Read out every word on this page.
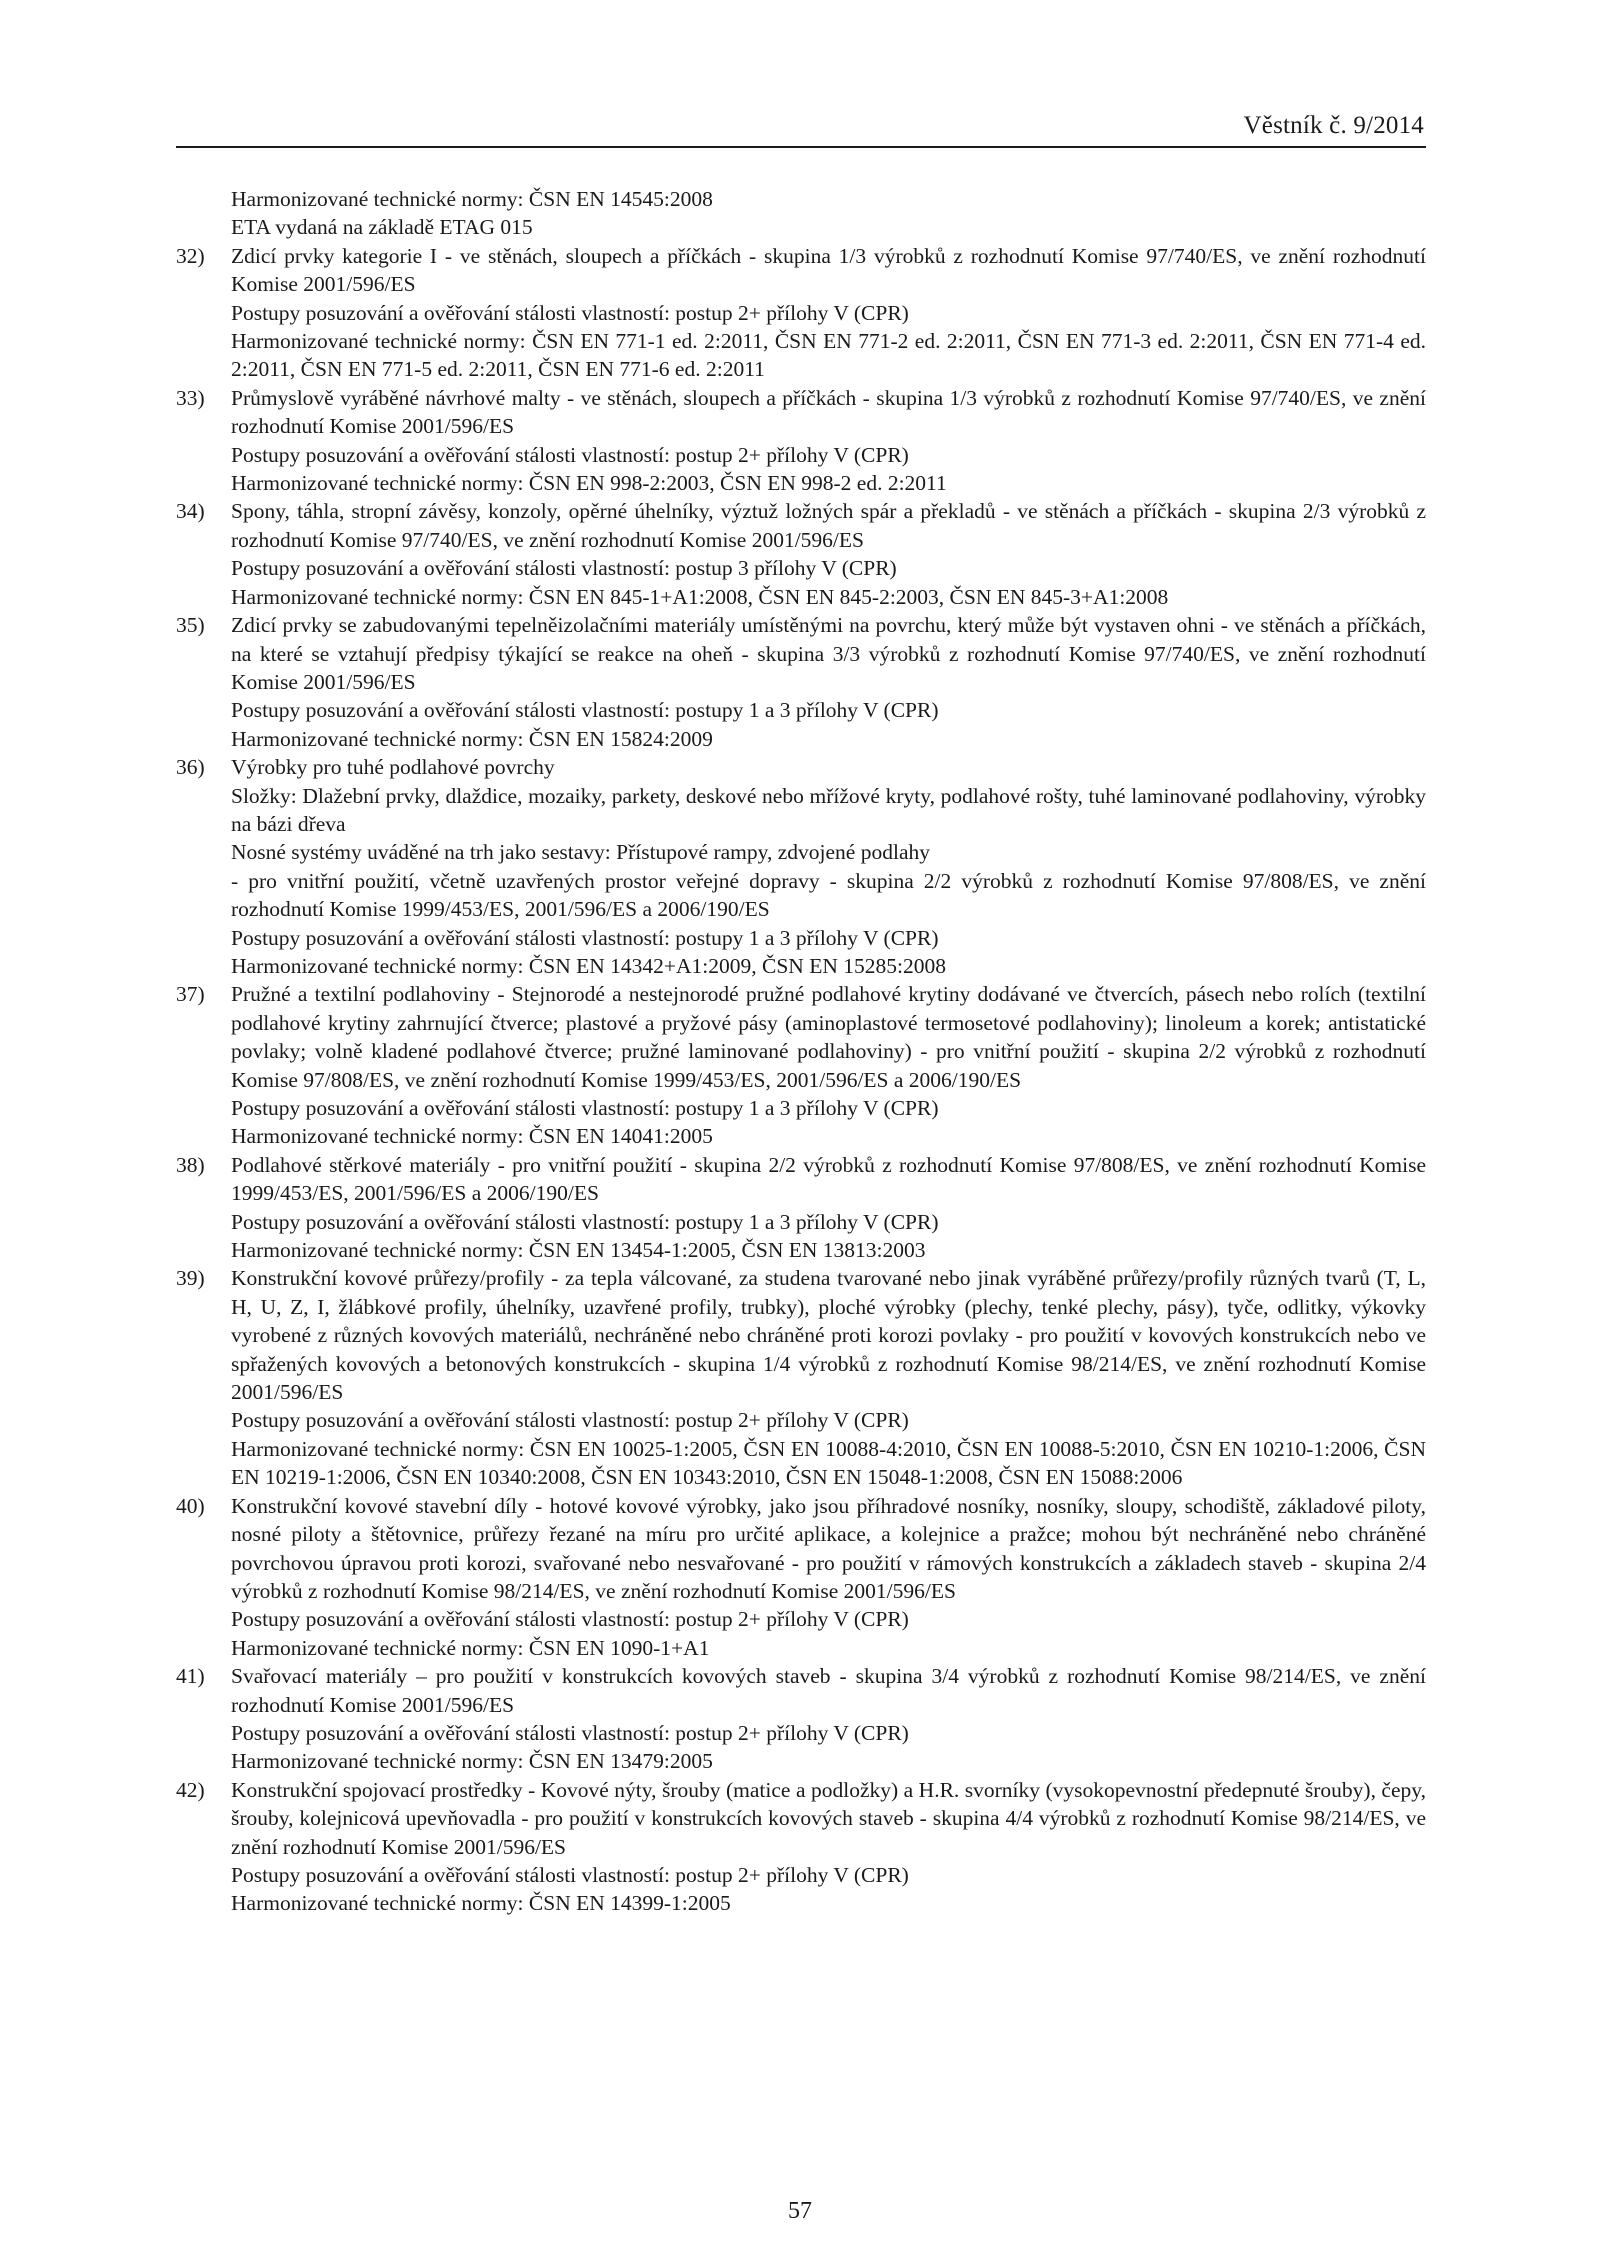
Věstník č. 9/2014
Harmonizované technické normy: ČSN EN 14545:2008
ETA vydaná na základě ETAG 015
32)	Zdicí prvky kategorie I - ve stěnách, sloupech a příčkách - skupina 1/3 výrobků z rozhodnutí Komise 97/740/ES, ve znění rozhodnutí Komise 2001/596/ES
Postupy posuzování a ověřování stálosti vlastností: postup 2+ přílohy V (CPR)
Harmonizované technické normy: ČSN EN 771-1 ed. 2:2011, ČSN EN 771-2 ed. 2:2011, ČSN EN 771-3 ed. 2:2011, ČSN EN 771-4 ed. 2:2011, ČSN EN 771-5 ed. 2:2011, ČSN EN 771-6 ed. 2:2011
33)	Průmyslově vyráběné návrhové malty - ve stěnách, sloupech a příčkách - skupina 1/3 výrobků z rozhodnutí Komise 97/740/ES, ve znění rozhodnutí Komise 2001/596/ES
Postupy posuzování a ověřování stálosti vlastností: postup 2+ přílohy V (CPR)
Harmonizované technické normy: ČSN EN 998-2:2003, ČSN EN 998-2 ed. 2:2011
34)	Spony, táhla, stropní závěsy, konzoly, opěrné úhelníky, výztuž ložných spár a překladů - ve stěnách a příčkách - skupina 2/3 výrobků z rozhodnutí Komise 97/740/ES, ve znění rozhodnutí Komise 2001/596/ES
Postupy posuzování a ověřování stálosti vlastností: postup 3 přílohy V (CPR)
Harmonizované technické normy: ČSN EN 845-1+A1:2008, ČSN EN 845-2:2003, ČSN EN 845-3+A1:2008
35)	Zdicí prvky se zabudovanými tepelněizolačními materiály umístěnými na povrchu, který může být vystaven ohni - ve stěnách a příčkách, na které se vztahují předpisy týkající se reakce na oheň - skupina 3/3 výrobků z rozhodnutí Komise 97/740/ES, ve znění rozhodnutí Komise 2001/596/ES
Postupy posuzování a ověřování stálosti vlastností: postupy 1 a 3 přílohy V (CPR)
Harmonizované technické normy: ČSN EN 15824:2009
36)	Výrobky pro tuhé podlahové povrchy
Složky: Dlažební prvky, dlaždice, mozaiky, parkety, deskové nebo mřížové kryty, podlahové rošty, tuhé laminované podlahoviny, výrobky na bázi dřeva
Nosné systémy uváděné na trh jako sestavy: Přístupové rampy, zdvojené podlahy
- pro vnitřní použití, včetně uzavřených prostor veřejné dopravy - skupina 2/2 výrobků z rozhodnutí Komise 97/808/ES, ve znění rozhodnutí Komise 1999/453/ES, 2001/596/ES a 2006/190/ES
Postupy posuzování a ověřování stálosti vlastností: postupy 1 a 3 přílohy V (CPR)
Harmonizované technické normy: ČSN EN 14342+A1:2009, ČSN EN 15285:2008
37)	Pružné a textilní podlahoviny - Stejnorodé a nestejnorodé pružné podlahové krytiny dodávané ve čtvercích, pásech nebo rolích (textilní podlahové krytiny zahrnující čtverce; plastové a pryžové pásy (aminoplastové termosetové podlahoviny); linoleum a korek; antistatické povlaky; volně kladené podlahové čtverce; pružné laminované podlahoviny) - pro vnitřní použití - skupina 2/2 výrobků z rozhodnutí Komise 97/808/ES, ve znění rozhodnutí Komise 1999/453/ES, 2001/596/ES a 2006/190/ES
Postupy posuzování a ověřování stálosti vlastností: postupy 1 a 3 přílohy V (CPR)
Harmonizované technické normy: ČSN EN 14041:2005
38)	Podlahové stěrkové materiály - pro vnitřní použití - skupina 2/2 výrobků z rozhodnutí Komise 97/808/ES, ve znění rozhodnutí Komise 1999/453/ES, 2001/596/ES a 2006/190/ES
Postupy posuzování a ověřování stálosti vlastností: postupy 1 a 3 přílohy V (CPR)
Harmonizované technické normy: ČSN EN 13454-1:2005, ČSN EN 13813:2003
39)	Konstrukční kovové průřezy/profily - za tepla válcované, za studena tvarované nebo jinak vyráběné průřezy/profily různých tvarů (T, L, H, U, Z, I, žlábkové profily, úhelníky, uzavřené profily, trubky), ploché výrobky (plechy, tenké plechy, pásy), tyče, odlitky, výkovky vyrobené z různých kovových materiálů, nechráněné nebo chráněné proti korozi povlaky - pro použití v kovových konstrukcích nebo ve spřažených kovových a betonových konstrukcích - skupina 1/4 výrobků z rozhodnutí Komise 98/214/ES, ve znění rozhodnutí Komise 2001/596/ES
Postupy posuzování a ověřování stálosti vlastností: postup 2+ přílohy V (CPR)
Harmonizované technické normy: ČSN EN 10025-1:2005, ČSN EN 10088-4:2010, ČSN EN 10088-5:2010, ČSN EN 10210-1:2006, ČSN EN 10219-1:2006, ČSN EN 10340:2008, ČSN EN 10343:2010, ČSN EN 15048-1:2008, ČSN EN 15088:2006
40)	Konstrukční kovové stavební díly - hotové kovové výrobky, jako jsou příhradové nosníky, nosníky, sloupy, schodiště, základové piloty, nosné piloty a štětovnice, průřezy řezané na míru pro určité aplikace, a kolejnice a pražce; mohou být nechráněné nebo chráněné povrchovou úpravou proti korozi, svařované nebo nesvařované - pro použití v rámových konstrukcích a základech staveb - skupina 2/4 výrobků z rozhodnutí Komise 98/214/ES, ve znění rozhodnutí Komise 2001/596/ES
Postupy posuzování a ověřování stálosti vlastností: postup 2+ přílohy V (CPR)
Harmonizované technické normy: ČSN EN 1090-1+A1
41)	Svařovací materiály – pro použití v konstrukcích kovových staveb - skupina 3/4 výrobků z rozhodnutí Komise 98/214/ES, ve znění rozhodnutí Komise 2001/596/ES
Postupy posuzování a ověřování stálosti vlastností: postup 2+ přílohy V (CPR)
Harmonizované technické normy: ČSN EN 13479:2005
42)	Konstrukční spojovací prostředky - Kovové nýty, šrouby (matice a podložky) a H.R. svorníky (vysokopevnostní předepnuté šrouby), čepy, šrouby, kolejnicová upevňovadla - pro použití v konstrukcích kovových staveb - skupina 4/4 výrobků z rozhodnutí Komise 98/214/ES, ve znění rozhodnutí Komise 2001/596/ES
Postupy posuzování a ověřování stálosti vlastností: postup 2+ přílohy V (CPR)
Harmonizované technické normy: ČSN EN 14399-1:2005
57
